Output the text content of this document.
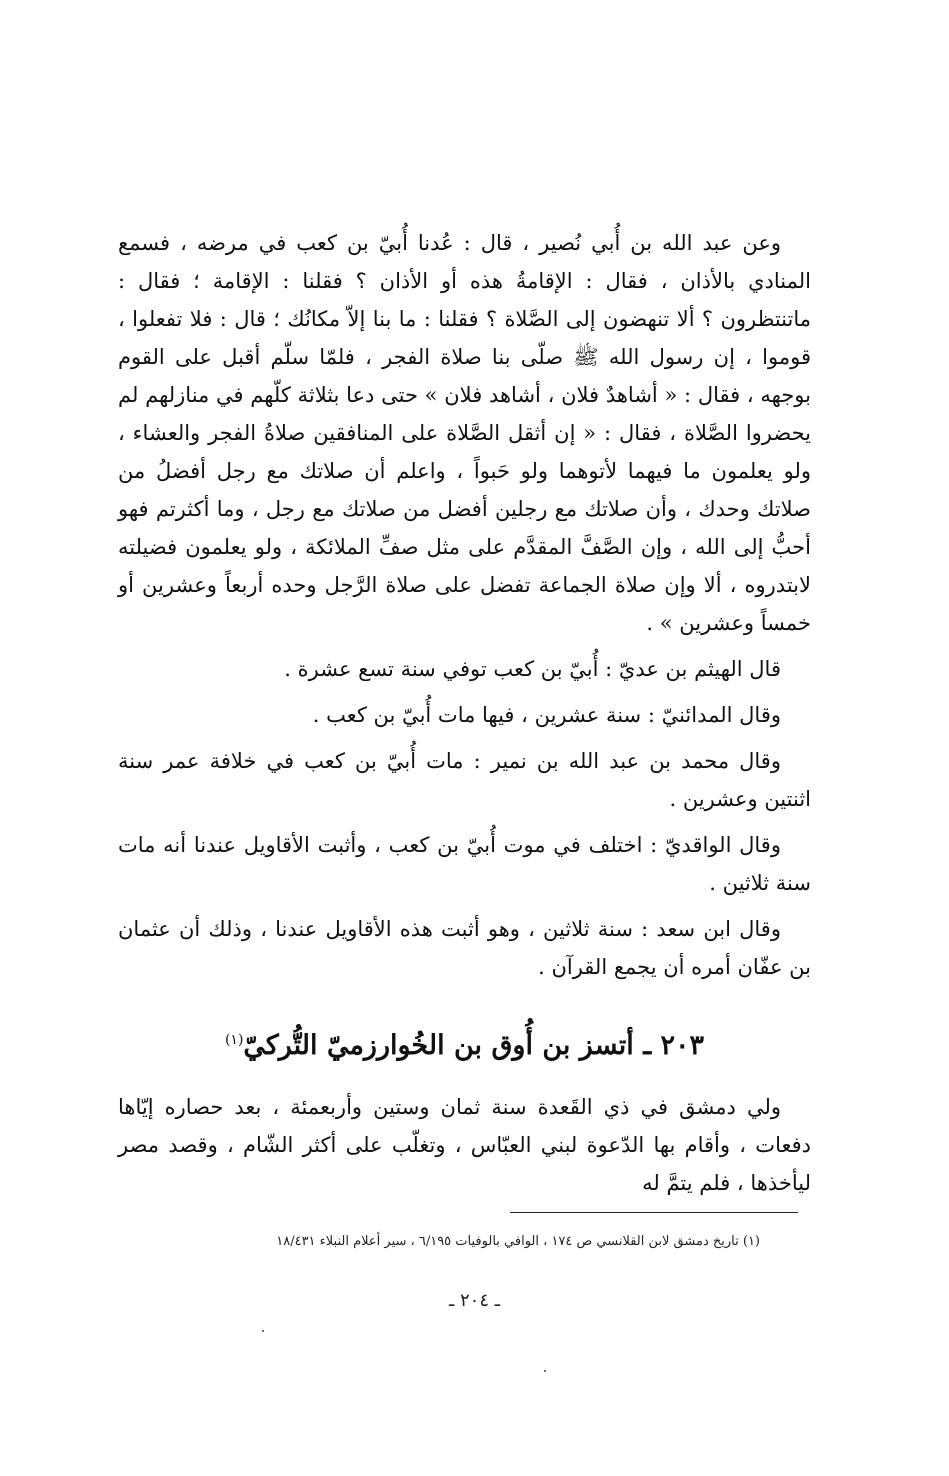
وعن عبد الله بن أُبي نُصير ، قال : عُدنا أُبيّ بن كعب في مرضه ، فسمع المنادي بالأذان ، فقال : الإقامةُ هذه أو الأذان ؟ فقلنا : الإقامة ؛ فقال : ماتنتظرون ؟ ألا تنهضون إلى الصَّلاة ؟ فقلنا : ما بنا إلاّ مكانُك ؛ قال : فلا تفعلوا ، قوموا ، إن رسول الله ﷺ صلّى بنا صلاة الفجر ، فلمّا سلّم أقبل على القوم بوجهه ، فقال : « أشاهدٌ فلان ، أشاهد فلان » حتى دعا بثلاثة كلّهم في منازلهم لم يحضروا الصَّلاة ، فقال : « إن أثقل الصَّلاة على المنافقين صلاةُ الفجر والعشاء ، ولو يعلمون ما فيهما لأتوهما ولو حَبواً ، واعلم أن صلاتك مع رجل أفضلُ من صلاتك وحدك ، وأن صلاتك مع رجلين أفضل من صلاتك مع رجل ، وما أكثرتم فهو أحبُّ إلى الله ، وإن الصَّفَّ المقدَّم على مثل صفِّ الملائكة ، ولو يعلمون فضيلته لابتدروه ، ألا وإن صلاة الجماعة تفضل على صلاة الرَّجل وحده أربعاً وعشرين أو خمساً وعشرين » .

قال الهيثم بن عديّ : أُبيّ بن كعب توفي سنة تسع عشرة .

وقال المدائنيّ : سنة عشرين ، فيها مات أُبيّ بن كعب .

وقال محمد بن عبد الله بن نمير : مات أُبيّ بن كعب في خلافة عمر سنة اثنتين وعشرين .

وقال الواقديّ : اختلف في موت أُبيّ بن كعب ، وأثبت الأقاويل عندنا أنه مات سنة ثلاثين .

وقال ابن سعد : سنة ثلاثين ، وهو أثبت هذه الأقاويل عندنا ، وذلك أن عثمان بن عفّان أمره أن يجمع القرآن .

٢٠٣ ـ أتسز بن أُوق بن الخُوارزميّ التُّركيّ$^{(١)}$

ولي دمشق في ذي القَعدة سنة ثمان وستين وأربعمئة ، بعد حصاره إيّاها دفعات ، وأقام بها الدّعوة لبني العبّاس ، وتغلّب على أكثر الشّام ، وقصد مصر ليأخذها ، فلم يتمَّ له

(١) تاريخ دمشق لابن القلانسي ص ١٧٤ ، الوافي بالوفيات ٦/١٩٥ ، سير أعلام النبلاء ١٨/٤٣١
ـ ٢٠٤ ـ
